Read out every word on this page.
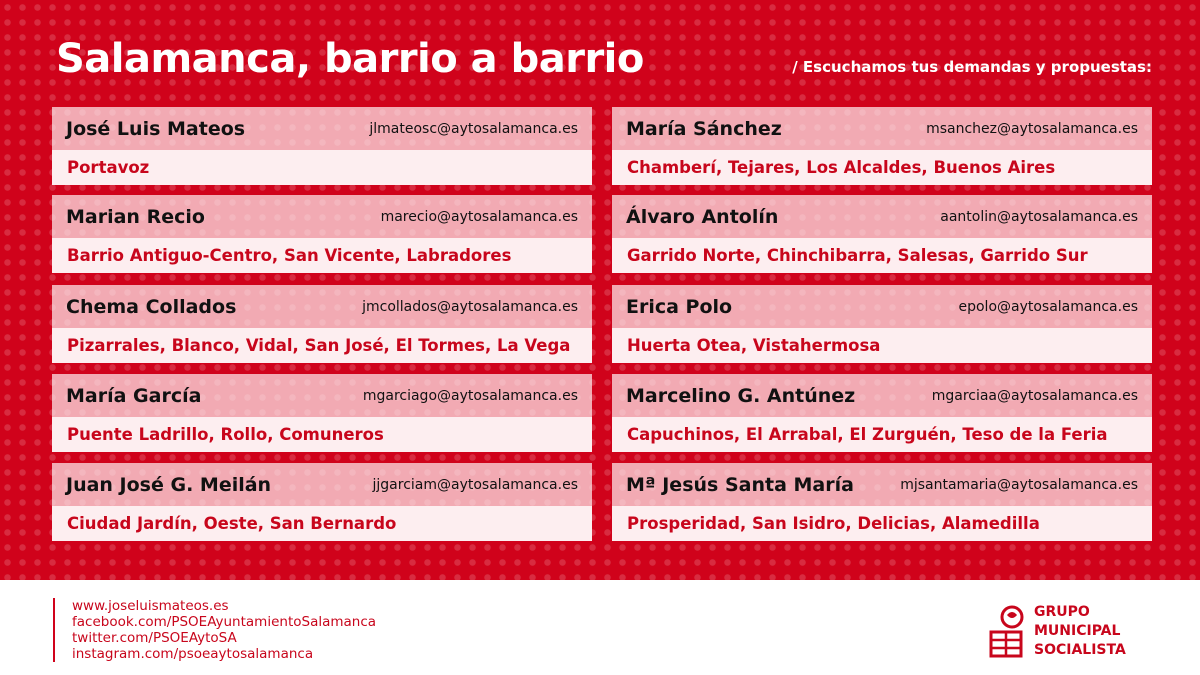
Salamanca, barrio a barrio	/ Escuchamos tus demandas y propuestas:
José Luis Mateos	jlmateosc@aytosalamanca.es
Portavoz
María Sánchez	msanchez@aytosalamanca.es
Chamberí, Tejares, Los Alcaldes, Buenos Aires
Marian Recio	marecio@aytosalamanca.es
Barrio Antiguo-Centro, San Vicente, Labradores
Álvaro Antolín	aantolin@aytosalamanca.es
Garrido Norte, Chinchibarra, Salesas, Garrido Sur
Chema Collados	jmcollados@aytosalamanca.es
Pizarrales, Blanco, Vidal, San José, El Tormes, La Vega
Erica Polo	epolo@aytosalamanca.es
Huerta Otea, Vistahermosa
María García	mgarciago@aytosalamanca.es
Puente Ladrillo, Rollo, Comuneros
Marcelino G. Antúnez	mgarciaa@aytosalamanca.es
Capuchinos, El Arrabal, El Zurguén, Teso de la Feria
Juan José G. Meilán	jjgarciam@aytosalamanca.es
Ciudad Jardín, Oeste, San Bernardo
Mª Jesús Santa María	mjsantamaria@aytosalamanca.es
Prosperidad, San Isidro, Delicias, Alamedilla
www.joseluismateos.es
facebook.com/PSOEAyuntamientoSalamanca
twitter.com/PSOEAytoSA
instagram.com/psoeaytosalamanca
GRUPO
MUNICIPAL
SOCIALISTA
